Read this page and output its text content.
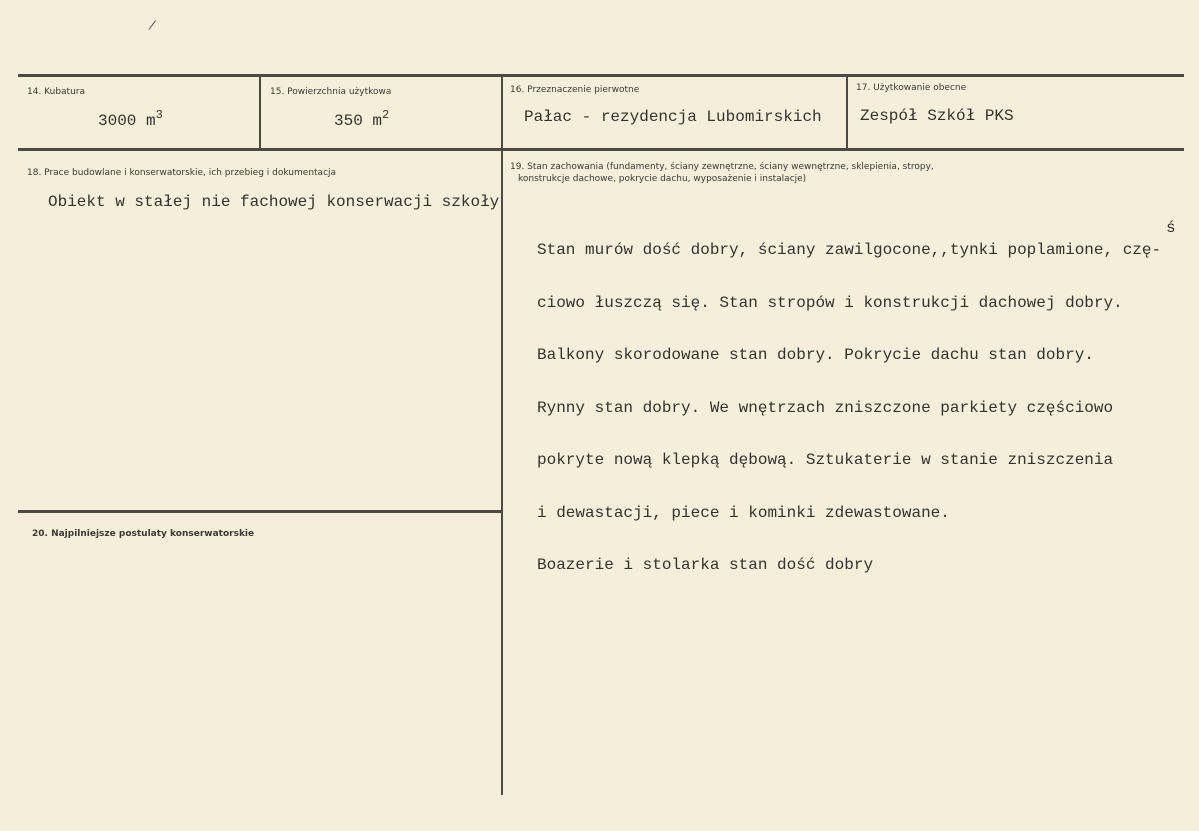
/
14. Kubatura
3000 $m^3$
15. Powierzchnia użytkowa
350 $m^2$
16. Przeznaczenie pierwotne
Pałac - rezydencja Lubomirskich
17. Użytkowanie obecne
Zespół Szkół PKS
18. Prace budowlane i konserwatorskie, ich przebieg i dokumentacja
Obiekt w stałej nie fachowej konserwacji szkoły
19. Stan zachowania (fundamenty, ściany zewnętrzne, ściany wewnętrzne, sklepienia, stropy,
konstrukcje dachowe, pokrycie dachu, wyposażenie i instalacje)

Stan murów dość dobry, ściany zawilgocone,,tynki poplamione, czę-

ciowo łuszczą się. Stan stropów i konstrukcji dachowej dobry.

Balkony skorodowane stan dobry. Pokrycie dachu stan dobry.

Rynny stan dobry. We wnętrzach zniszczone parkiety częściowo

pokryte nową klepką dębową. Sztukaterie w stanie zniszczenia

i dewastacji, piece i kominki zdewastowane.

Boazerie i stolarka stan dość dobry

ś
20. Najpilniejsze postulaty konserwatorskie
